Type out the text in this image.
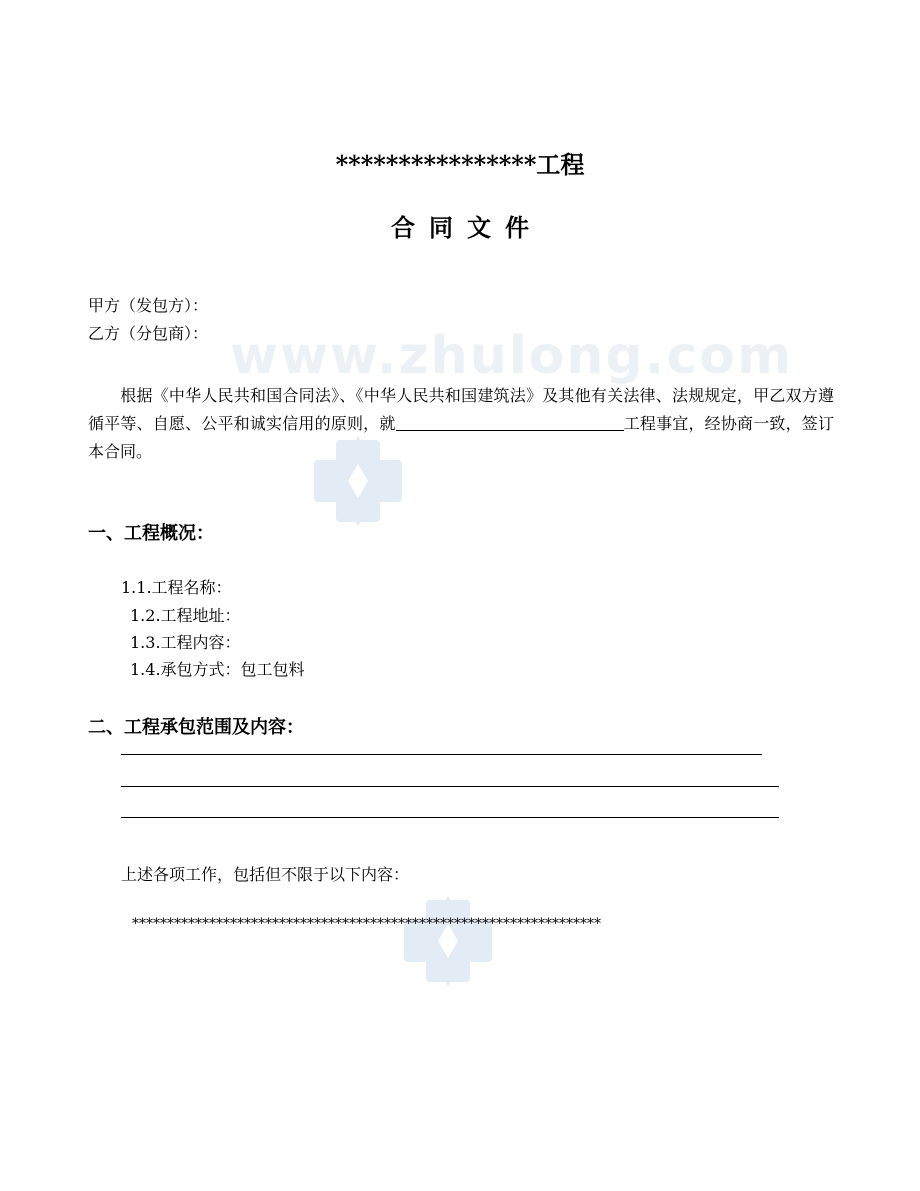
www.zhulong.com
****************工程
合 同 文 件
甲方（发包方）：
乙方（分包商）：
根据《中华人民共和国合同法》、《中华人民共和国建筑法》及其他有关法律、法规规定，甲乙双方遵循平等、自愿、公平和诚实信用的原则，就	工程事宜，经协商一致，签订本合同。
一、工程概况：
1.1.工程名称：
1.2.工程地址：
1.3.工程内容：
1.4.承包方式：包工包料
二、工程承包范围及内容：
上述各项工作，包括但不限于以下内容：
*******************************************************************
